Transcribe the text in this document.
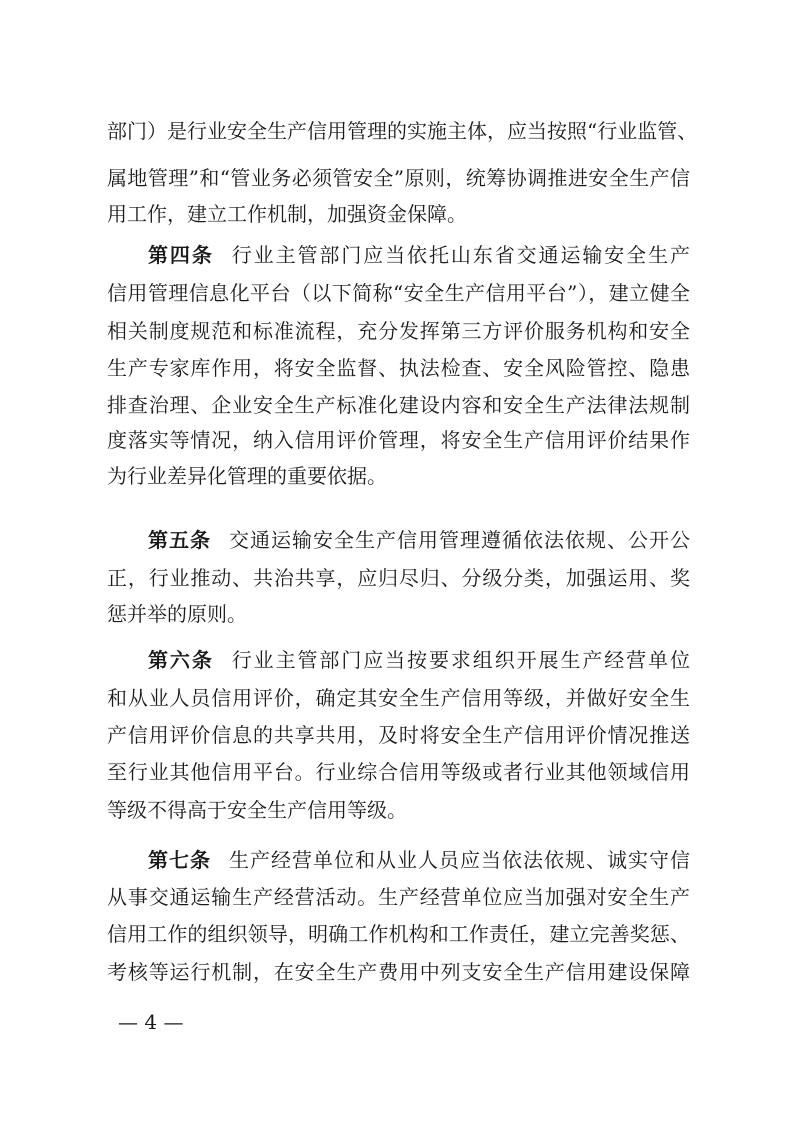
部门）是行业安全生产信用管理的实施主体，应当按照“行业监管、
属地管理”和“管业务必须管安全”原则，统筹协调推进安全生产信
用工作，建立工作机制，加强资金保障。
第四条 行业主管部门应当依托山东省交通运输安全生产
信用管理信息化平台（以下简称“安全生产信用平台”），建立健全
相关制度规范和标准流程，充分发挥第三方评价服务机构和安全
生产专家库作用，将安全监督、执法检查、安全风险管控、隐患
排查治理、企业安全生产标准化建设内容和安全生产法律法规制
度落实等情况，纳入信用评价管理，将安全生产信用评价结果作
为行业差异化管理的重要依据。
第五条 交通运输安全生产信用管理遵循依法依规、公开公
正，行业推动、共治共享，应归尽归、分级分类，加强运用、奖
惩并举的原则。
第六条 行业主管部门应当按要求组织开展生产经营单位
和从业人员信用评价，确定其安全生产信用等级，并做好安全生
产信用评价信息的共享共用，及时将安全生产信用评价情况推送
至行业其他信用平台。行业综合信用等级或者行业其他领域信用
等级不得高于安全生产信用等级。
第七条 生产经营单位和从业人员应当依法依规、诚实守信
从事交通运输生产经营活动。生产经营单位应当加强对安全生产
信用工作的组织领导，明确工作机构和工作责任，建立完善奖惩、
考核等运行机制，在安全生产费用中列支安全生产信用建设保障
— 4 —
